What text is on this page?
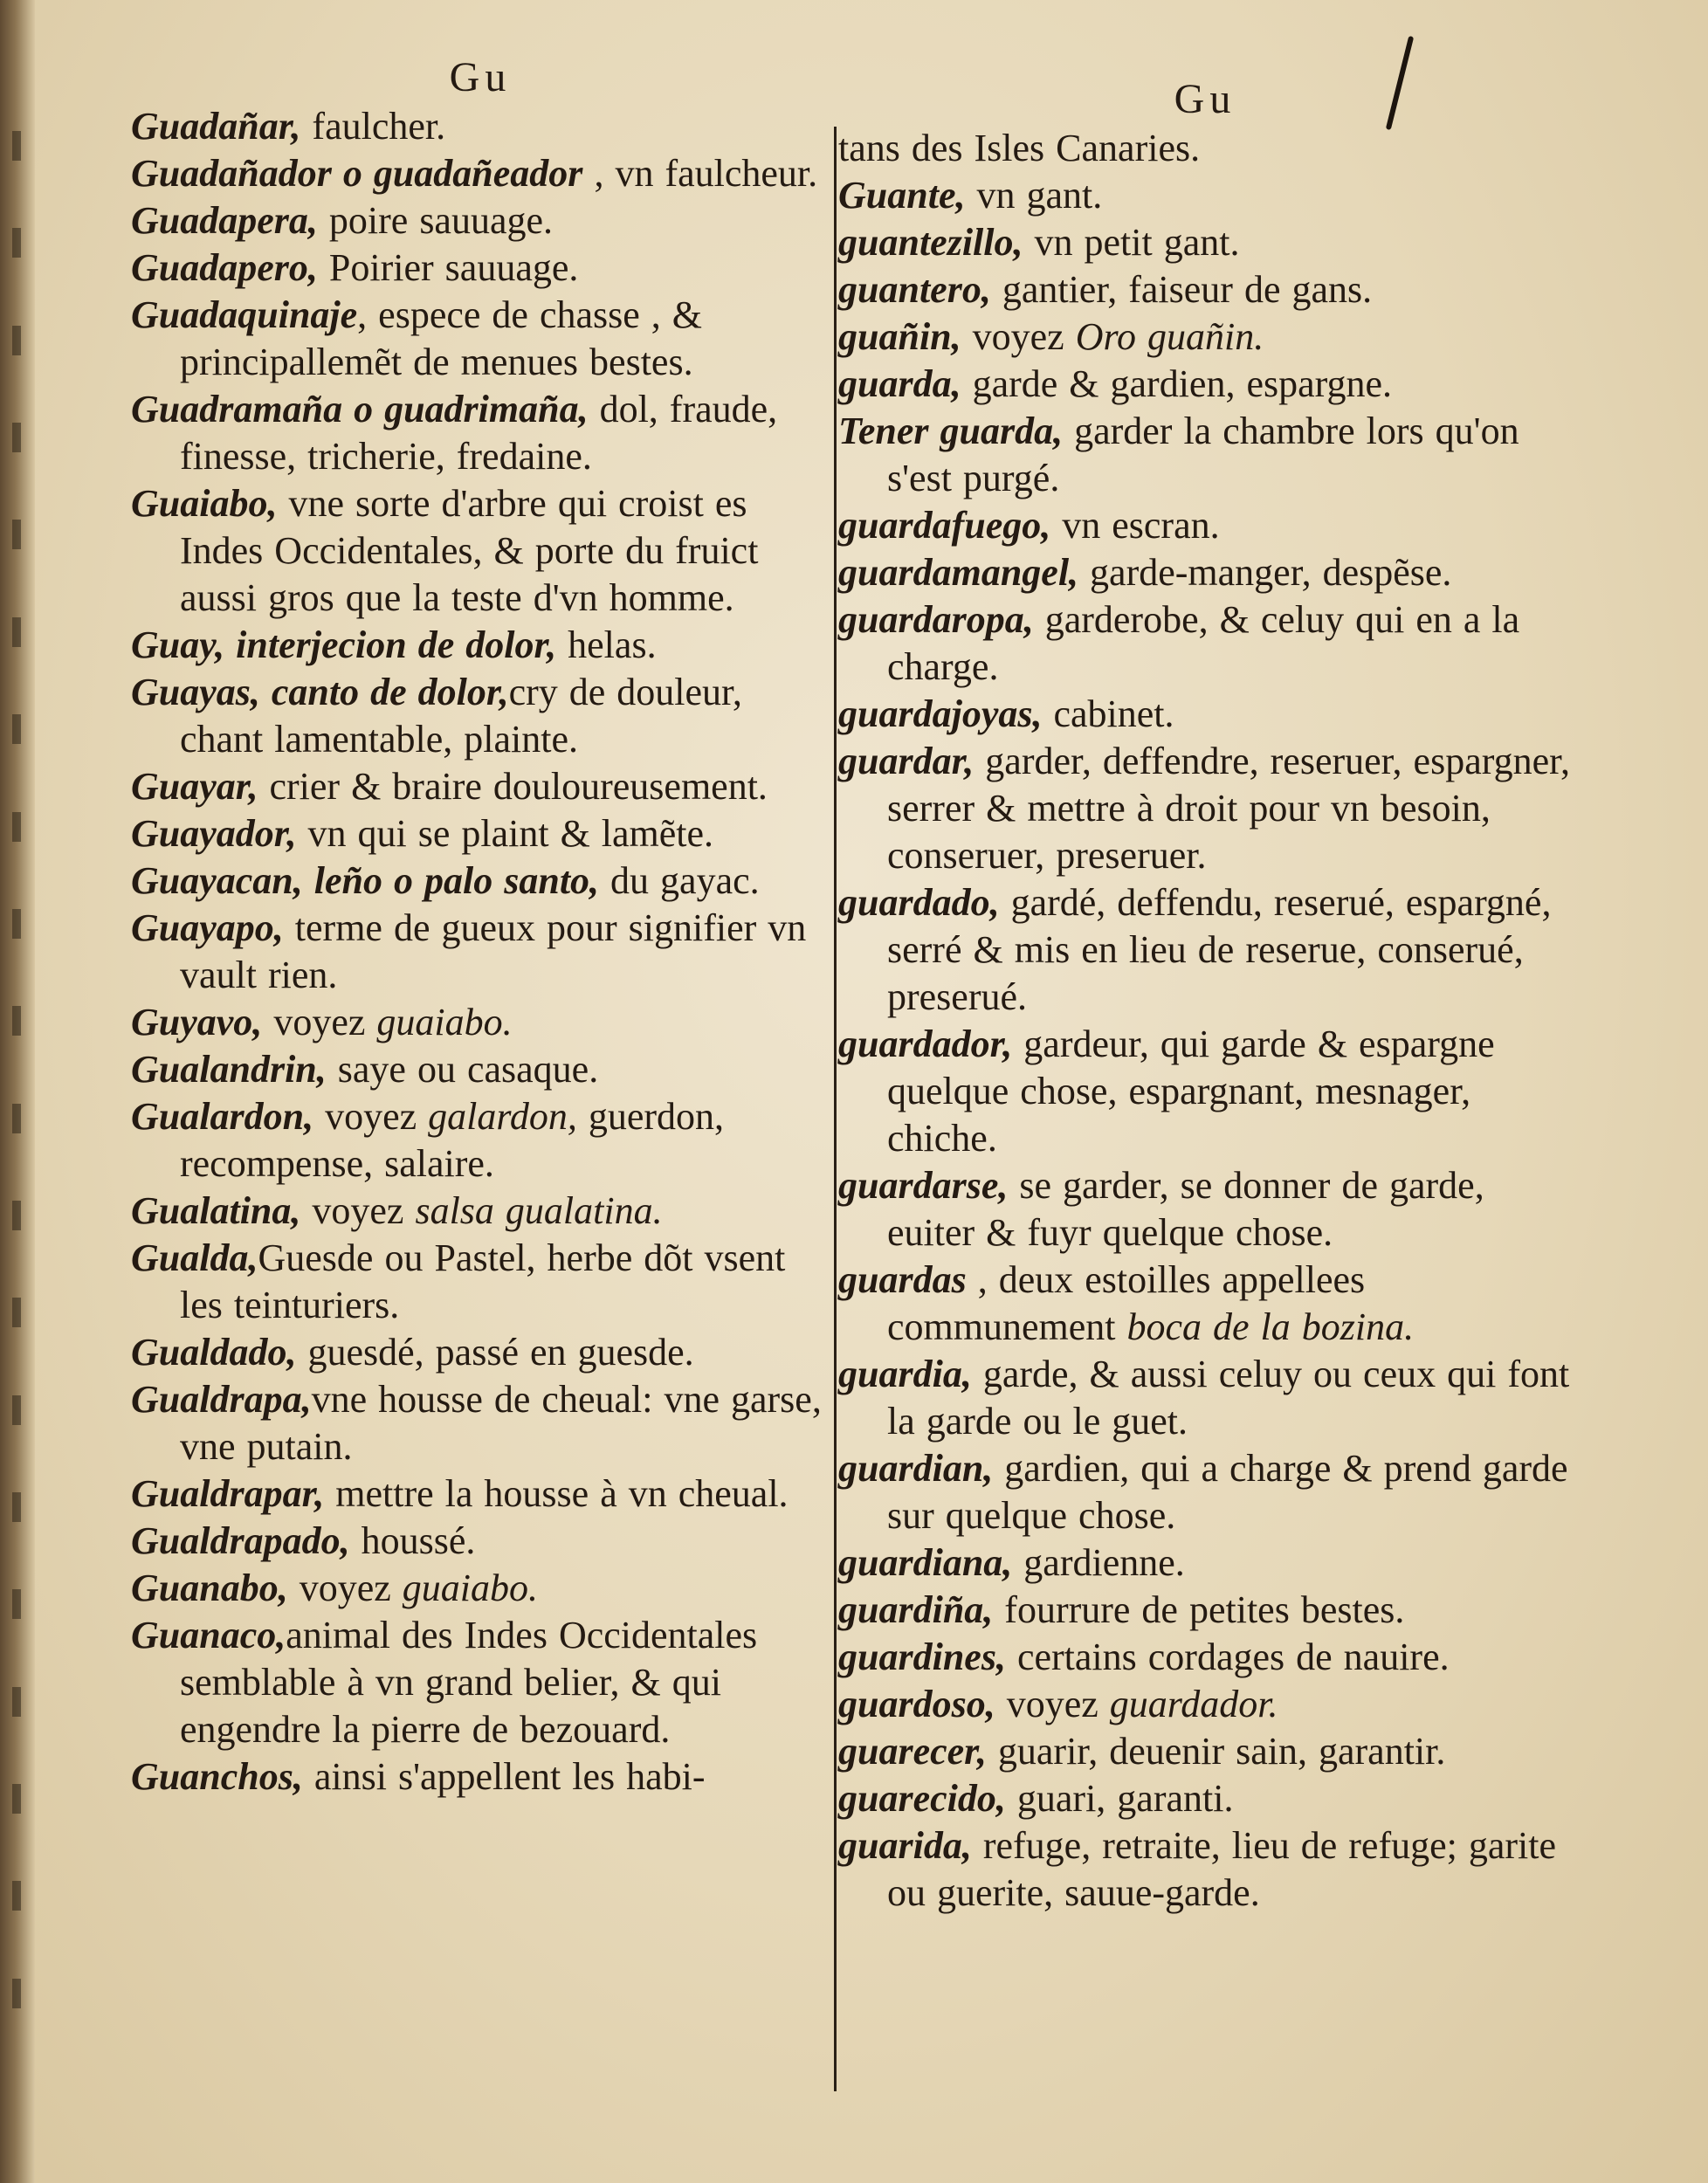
Gu

Guadañar, faulcher.

Guadañador o guadañeador , vn faulcheur.

Guadapera, poire sauuage.

Guadapero, Poirier sauuage.

Guadaquinaje, espece de chasse , & principallemẽt de menues bestes.

Guadramaña o guadrimaña, dol, fraude, finesse, tricherie, fredaine.

Guaiabo, vne sorte d'arbre qui croist es Indes Occidentales, & porte du fruict aussi gros que la teste d'vn homme.

Guay, interjecion de dolor, helas.

Guayas, canto de dolor,cry de douleur, chant lamentable, plainte.

Guayar, crier & braire douloureusement.

Guayador, vn qui se plaint & lamẽte.

Guayacan, leño o palo santo, du gayac.

Guayapo, terme de gueux pour signifier vn vault rien.

Guyavo, voyez guaiabo.

Gualandrin, saye ou casaque.

Gualardon, voyez galardon, guerdon, recompense, salaire.

Gualatina, voyez salsa gualatina.

Gualda,Guesde ou Pastel, herbe dõt vsent les teinturiers.

Gualdado, guesdé, passé en guesde.

Gualdrapa,vne housse de cheual: vne garse, vne putain.

Gualdrapar, mettre la housse à vn cheual.

Gualdrapado, houssé.

Guanabo, voyez guaiabo.

Guanaco,animal des Indes Occidentales semblable à vn grand belier, & qui engendre la pierre de bezouard.

Guanchos, ainsi s'appellent les habi-

Gu

tans des Isles Canaries.

Guante, vn gant.

guantezillo, vn petit gant.

guantero, gantier, faiseur de gans.

guañin, voyez Oro guañin.

guarda, garde & gardien, espargne.

Tener guarda, garder la chambre lors qu'on s'est purgé.

guardafuego, vn escran.

guardamangel, garde-manger, despẽse.

guardaropa, garderobe, & celuy qui en a la charge.

guardajoyas, cabinet.

guardar, garder, deffendre, reseruer, espargner, serrer & mettre à droit pour vn besoin, conseruer, preseruer.

guardado, gardé, deffendu, reserué, espargné, serré & mis en lieu de reserue, conserué, preserué.

guardador, gardeur, qui garde & espargne quelque chose, espargnant, mesnager, chiche.

guardarse, se garder, se donner de garde, euiter & fuyr quelque chose.

guardas , deux estoilles appellees communement boca de la bozina.

guardia, garde, & aussi celuy ou ceux qui font la garde ou le guet.

guardian, gardien, qui a charge & prend garde sur quelque chose.

guardiana, gardienne.

guardiña, fourrure de petites bestes.

guardines, certains cordages de nauire.

guardoso, voyez guardador.

guarecer, guarir, deuenir sain, garantir.

guarecido, guari, garanti.

guarida, refuge, retraite, lieu de refuge; garite ou guerite, sauue-garde.
